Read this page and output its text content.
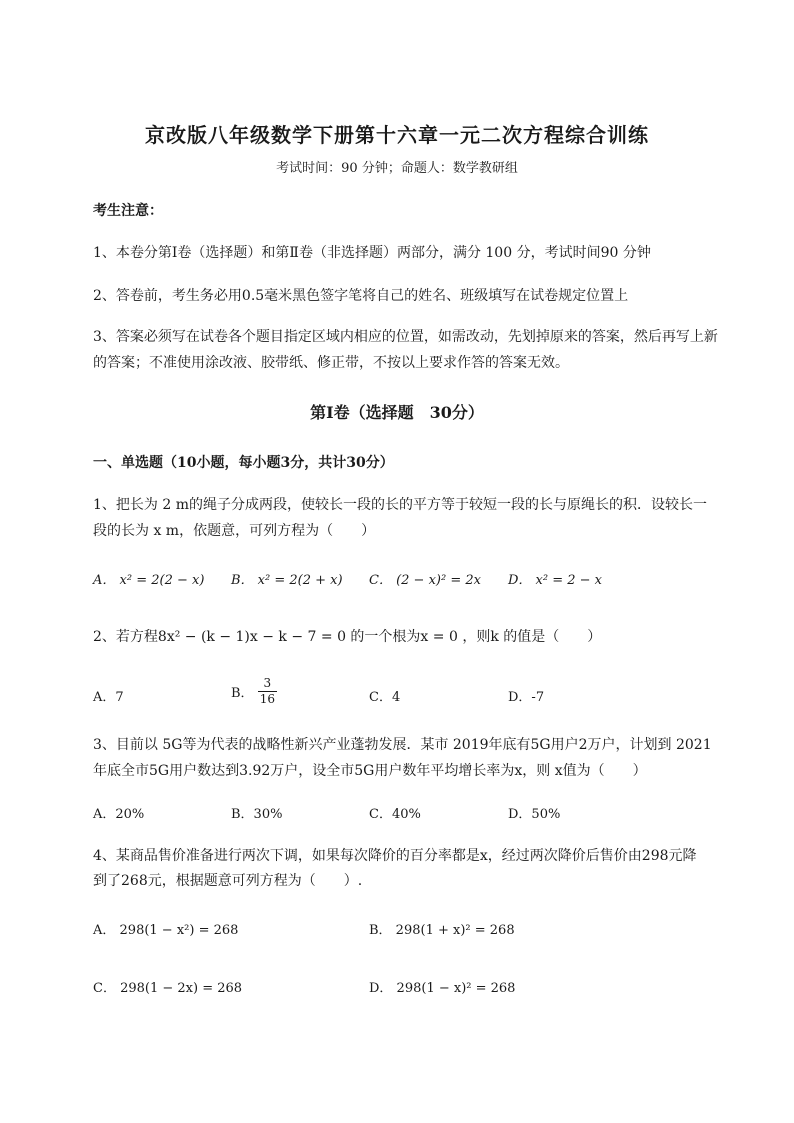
京改版八年级数学下册第十六章一元二次方程综合训练
考试时间：90 分钟；命题人：数学教研组
考生注意：
1、本卷分第Ⅰ卷（选择题）和第Ⅱ卷（非选择题）两部分，满分 100 分，考试时间90 分钟
2、答卷前，考生务必用0.5毫米黑色签字笔将自己的姓名、班级填写在试卷规定位置上
3、答案必须写在试卷各个题目指定区域内相应的位置，如需改动，先划掉原来的答案，然后再写上新
的答案；不准使用涂改液、胶带纸、修正带，不按以上要求作答的答案无效。
第Ⅰ卷（选择题　30分）
一、单选题（10小题，每小题3分，共计30分）
1、把长为 2 m的绳子分成两段，使较长一段的长的平方等于较短一段的长与原绳长的积．设较长一
段的长为 x m，依题意，可列方程为（　　）
A． x² = 2(2 − x) B． x² = 2(2 + x) C． (2 − x)² = 2x D． x² = 2 − x
2、若方程8x² − (k − 1)x − k − 7 = 0 的一个根为x = 0 ，则k 的值是（　　）
A．7	B． $\frac{3}{16}$	C．4	D．-7
3、目前以 5G等为代表的战略性新兴产业蓬勃发展．某市 2019年底有5G用户2万户，计划到 2021
年底全市5G用户数达到3.92万户，设全市5G用户数年平均增长率为x，则 x值为（　　）
A．20%	B．30%	C．40%	D．50%
4、某商品售价准备进行两次下调，如果每次降价的百分率都是x，经过两次降价后售价由298元降
到了268元，根据题意可列方程为（　　）.
A． 298(1 − x²) = 268	B． 298(1 + x)² = 268
C． 298(1 − 2x) = 268	D． 298(1 − x)² = 268
